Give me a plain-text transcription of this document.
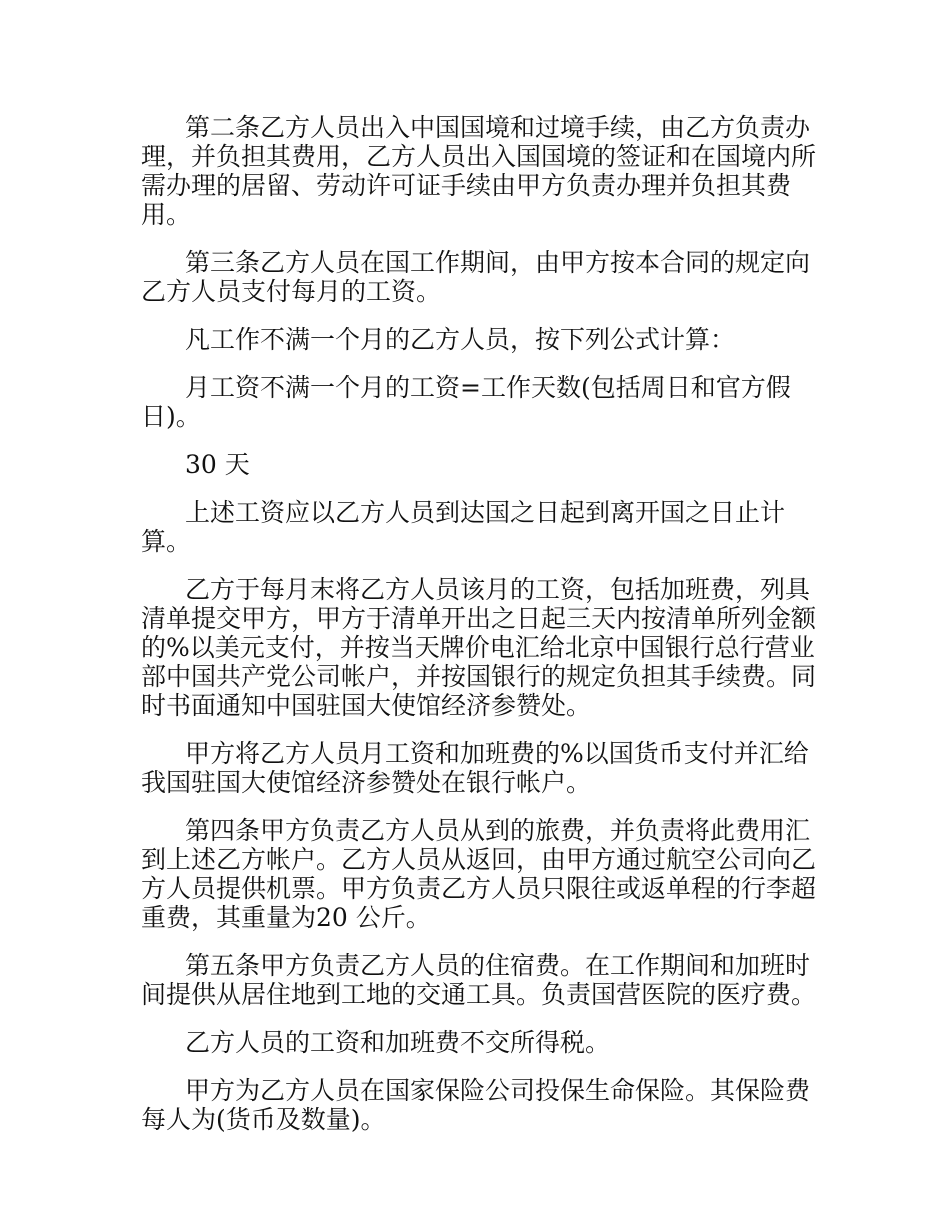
第二条乙方人员出入中国国境和过境手续，由乙方负责办
理，并负担其费用，乙方人员出入国国境的签证和在国境内所
需办理的居留、劳动许可证手续由甲方负责办理并负担其费用。

第三条乙方人员在国工作期间，由甲方按本合同的规定向
乙方人员支付每月的工资。

凡工作不满一个月的乙方人员，按下列公式计算：

月工资不满一个月的工资=工作天数(包括周日和官方假
日)。

30 天

上述工资应以乙方人员到达国之日起到离开国之日止计算。

乙方于每月末将乙方人员该月的工资，包括加班费，列具
清单提交甲方，甲方于清单开出之日起三天内按清单所列金额
的%以美元支付，并按当天牌价电汇给北京中国银行总行营业
部中国共产党公司帐户，并按国银行的规定负担其手续费。同
时书面通知中国驻国大使馆经济参赞处。

甲方将乙方人员月工资和加班费的%以国货币支付并汇给
我国驻国大使馆经济参赞处在银行帐户。

第四条甲方负责乙方人员从到的旅费，并负责将此费用汇
到上述乙方帐户。乙方人员从返回，由甲方通过航空公司向乙
方人员提供机票。甲方负责乙方人员只限往或返单程的行李超
重费，其重量为20 公斤。

第五条甲方负责乙方人员的住宿费。在工作期间和加班时
间提供从居住地到工地的交通工具。负责国营医院的医疗费。

乙方人员的工资和加班费不交所得税。

甲方为乙方人员在国家保险公司投保生命保险。其保险费
每人为(货币及数量)。
